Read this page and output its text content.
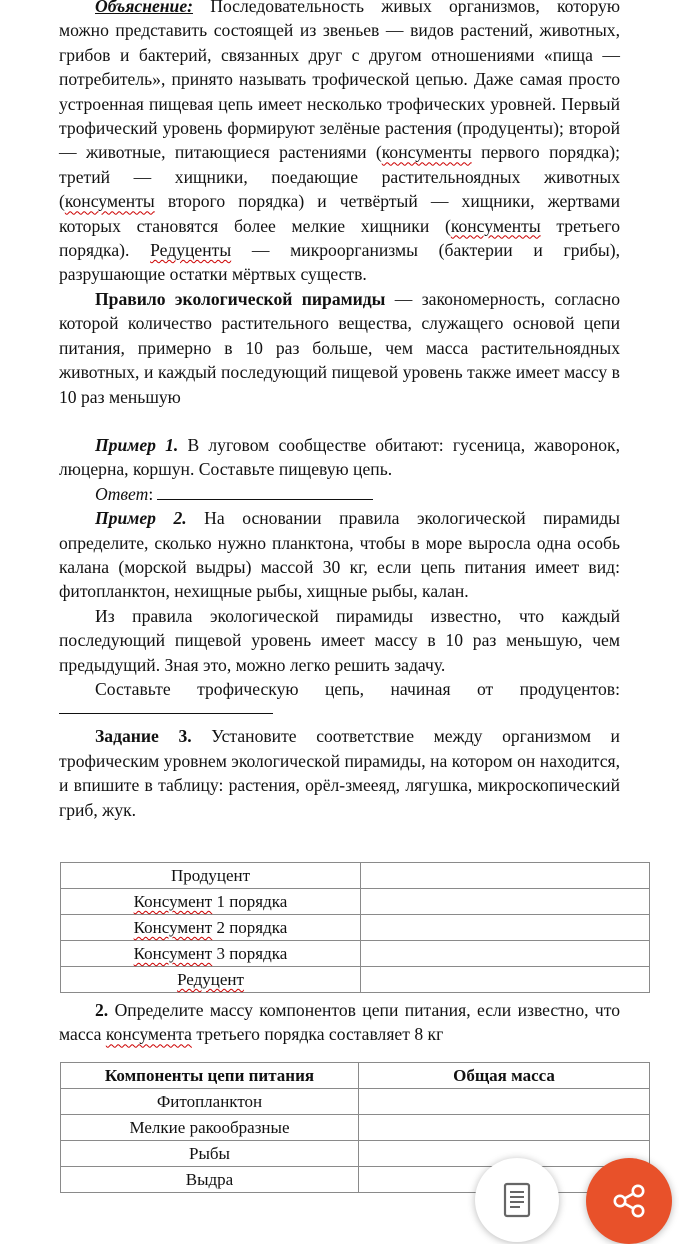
Объяснение: Последовательность живых организмов, которую можно представить состоящей из звеньев — видов растений, животных, грибов и бактерий, связанных друг с другом отношениями «пища — потребитель», принято называть трофической цепью. Даже самая просто устроенная пищевая цепь имеет несколько трофических уровней. Первый трофический уровень формируют зелёные растения (продуценты); второй — животные, питающиеся растениями (консументы первого порядка); третий — хищники, поедающие растительноядных животных (консументы второго порядка) и четвёртый — хищники, жертвами которых становятся более мелкие хищники (консументы третьего порядка). Редуценты — микроорганизмы (бактерии и грибы), разрушающие остатки мёртвых существ.

Правило экологической пирамиды — закономерность, согласно которой количество растительного вещества, служащего основой цепи питания, примерно в 10 раз больше, чем масса растительноядных животных, и каждый последующий пищевой уровень также имеет массу в 10 раз меньшую

Пример 1. В луговом сообществе обитают: гусеница, жаворонок, люцерна, коршун. Составьте пищевую цепь.

Ответ:

Пример 2. На основании правила экологической пирамиды определите, сколько нужно планктона, чтобы в море выросла одна особь калана (морской выдры) массой 30 кг, если цепь питания имеет вид: фитопланктон, нехищные рыбы, хищные рыбы, калан.

Из правила экологической пирамиды известно, что каждый последующий пищевой уровень имеет массу в 10 раз меньшую, чем предыдущий. Зная это, можно легко решить задачу.

Составьте трофическую цепь, начиная от продуцентов:

Задание 3. Установите соответствие между организмом и трофическим уровнем экологической пирамиды, на котором он находится, и впишите в таблицу: растения, орёл-змееяд, лягушка, микроскопический гриб, жук.

Продуцент	
Консумент 1 порядка	
Консумент 2 порядка	
Консумент 3 порядка	
Редуцент	

2. Определите массу компонентов цепи питания, если известно, что масса консумента третьего порядка составляет 8 кг

Компоненты цепи питания	Общая масса
Фитопланктон	
Мелкие ракообразные	
Рыбы	
Выдра	
